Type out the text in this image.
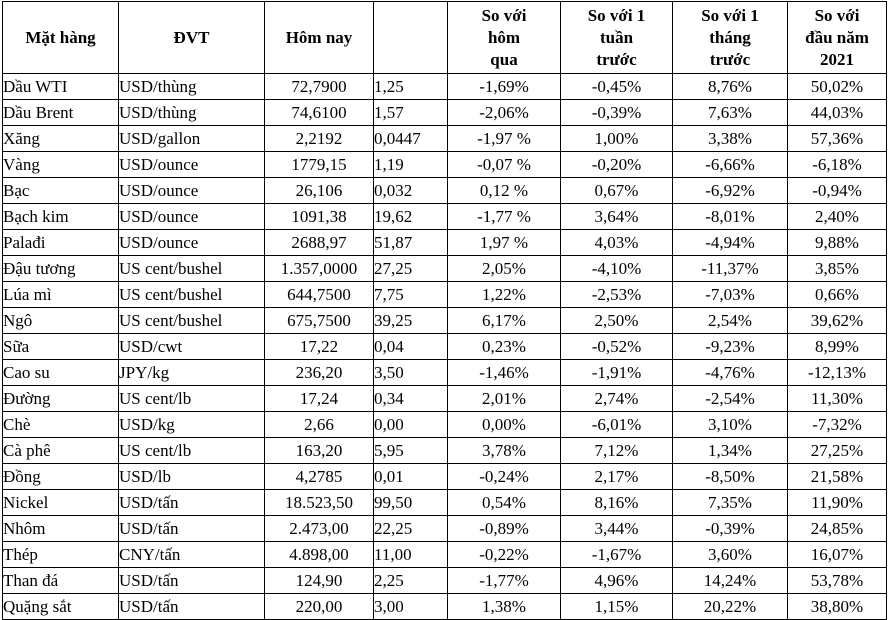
Mặt hàng	ĐVT	Hôm nay		So với
hôm
qua	So với 1
tuần
trước	So với 1
tháng
trước	So với
đầu năm
2021

Dầu WTI	USD/thùng	72,7900	1,25	-1,69%	-0,45%	8,76%	50,02%
Dầu Brent	USD/thùng	74,6100	1,57	-2,06%	-0,39%	7,63%	44,03%
Xăng	USD/gallon	2,2192	0,0447	-1,97 %	1,00%	3,38%	57,36%
Vàng	USD/ounce	1779,15	1,19	-0,07 %	-0,20%	-6,66%	-6,18%
Bạc	USD/ounce	26,106	0,032	0,12 %	0,67%	-6,92%	-0,94%
Bạch kim	USD/ounce	1091,38	19,62	-1,77 %	3,64%	-8,01%	2,40%
Palađi	USD/ounce	2688,97	51,87	1,97 %	4,03%	-4,94%	9,88%
Đậu tương	US cent/bushel	1.357,0000	27,25	2,05%	-4,10%	-11,37%	3,85%
Lúa mì	US cent/bushel	644,7500	7,75	1,22%	-2,53%	-7,03%	0,66%
Ngô	US cent/bushel	675,7500	39,25	6,17%	2,50%	2,54%	39,62%
Sữa	USD/cwt	17,22	0,04	0,23%	-0,52%	-9,23%	8,99%
Cao su	JPY/kg	236,20	3,50	-1,46%	-1,91%	-4,76%	-12,13%
Đường	US cent/lb	17,24	0,34	2,01%	2,74%	-2,54%	11,30%
Chè	USD/kg	2,66	0,00	0,00%	-6,01%	3,10%	-7,32%
Cà phê	US cent/lb	163,20	5,95	3,78%	7,12%	1,34%	27,25%
Đồng	USD/lb	4,2785	0,01	-0,24%	2,17%	-8,50%	21,58%
Nickel	USD/tấn	18.523,50	99,50	0,54%	8,16%	7,35%	11,90%
Nhôm	USD/tấn	2.473,00	22,25	-0,89%	3,44%	-0,39%	24,85%
Thép	CNY/tấn	4.898,00	11,00	-0,22%	-1,67%	3,60%	16,07%
Than đá	USD/tấn	124,90	2,25	-1,77%	4,96%	14,24%	53,78%
Quặng sắt	USD/tấn	220,00	3,00	1,38%	1,15%	20,22%	38,80%
